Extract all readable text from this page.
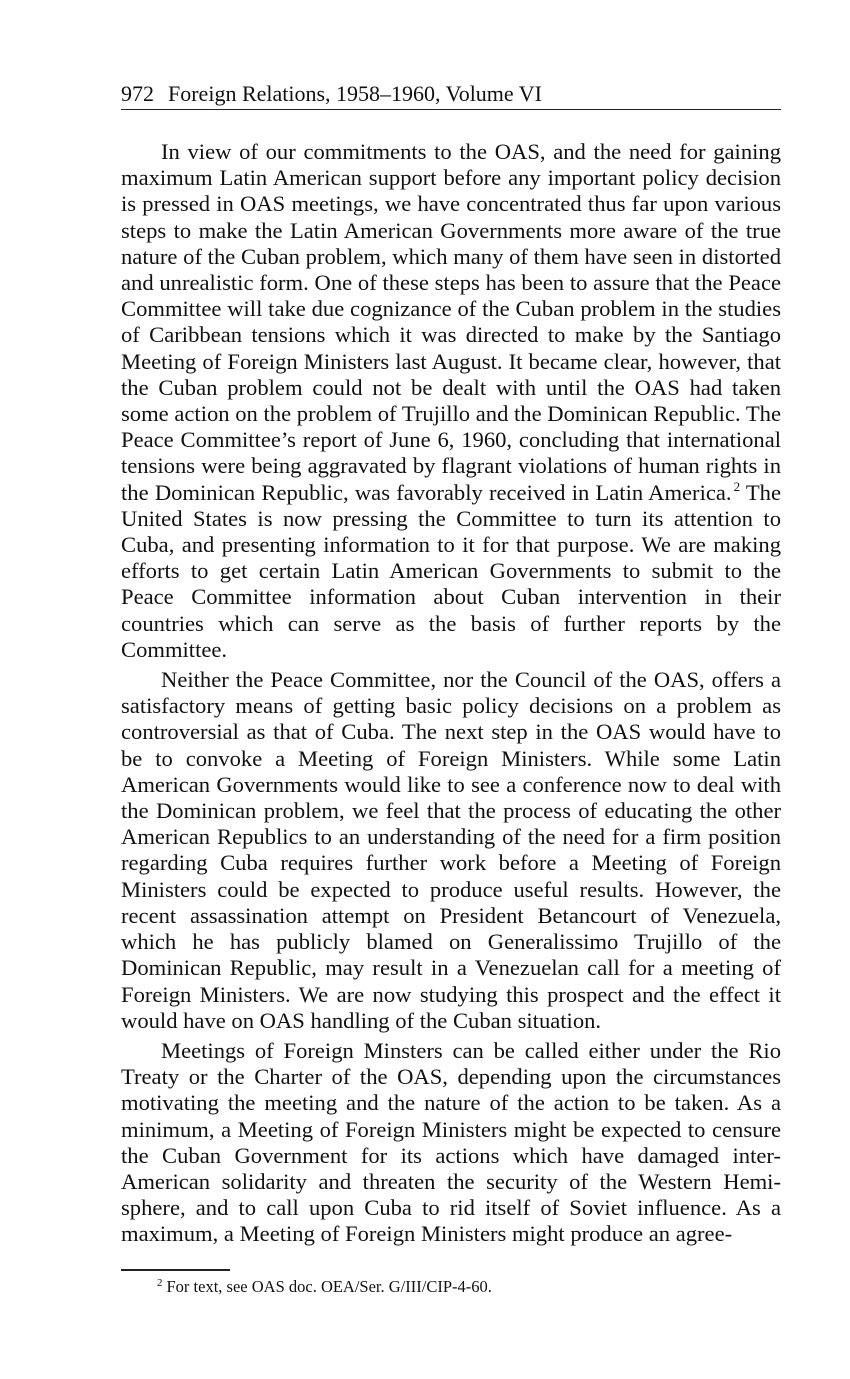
972 Foreign Relations, 1958–1960, Volume VI

In view of our commitments to the OAS, and the need for gaining maximum Latin American support before any important policy decision is pressed in OAS meetings, we have concentrated thus far upon various steps to make the Latin American Governments more aware of the true nature of the Cuban problem, which many of them have seen in distorted and unrealistic form. One of these steps has been to assure that the Peace Committee will take due cognizance of the Cuban problem in the studies of Caribbean tensions which it was directed to make by the Santiago Meeting of Foreign Ministers last August. It became clear, however, that the Cuban problem could not be dealt with until the OAS had taken some action on the problem of Trujillo and the Dominican Republic. The Peace Committee’s report of June 6, 1960, concluding that international tensions were being aggravated by flagrant violations of human rights in the Dominican Republic, was favorably received in Latin America. $^2$ The United States is now pressing the Committee to turn its attention to Cuba, and presenting information to it for that purpose. We are making efforts to get certain Latin American Governments to submit to the Peace Committee information about Cuban intervention in their countries which can serve as the basis of further reports by the Committee.

Neither the Peace Committee, nor the Council of the OAS, offers a satisfactory means of getting basic policy decisions on a problem as controversial as that of Cuba. The next step in the OAS would have to be to convoke a Meeting of Foreign Ministers. While some Latin American Governments would like to see a conference now to deal with the Dominican problem, we feel that the process of educating the other American Republics to an understanding of the need for a firm position regarding Cuba requires further work before a Meeting of Foreign Ministers could be expected to produce useful results. However, the recent assassination attempt on President Betancourt of Venezuela, which he has publicly blamed on Generalissimo Trujillo of the Dominican Republic, may result in a Venezuelan call for a meeting of Foreign Ministers. We are now studying this prospect and the effect it would have on OAS handling of the Cuban situation.

Meetings of Foreign Minsters can be called either under the Rio Treaty or the Charter of the OAS, depending upon the circumstances motivating the meeting and the nature of the action to be taken. As a minimum, a Meeting of Foreign Ministers might be expected to censure the Cuban Government for its actions which have damaged inter-American solidarity and threaten the security of the Western Hemisphere, and to call upon Cuba to rid itself of Soviet influence. As a maximum, a Meeting of Foreign Ministers might produce an agree-

$^2$ For text, see OAS doc. OEA/Ser. G/III/CIP-4-60.
